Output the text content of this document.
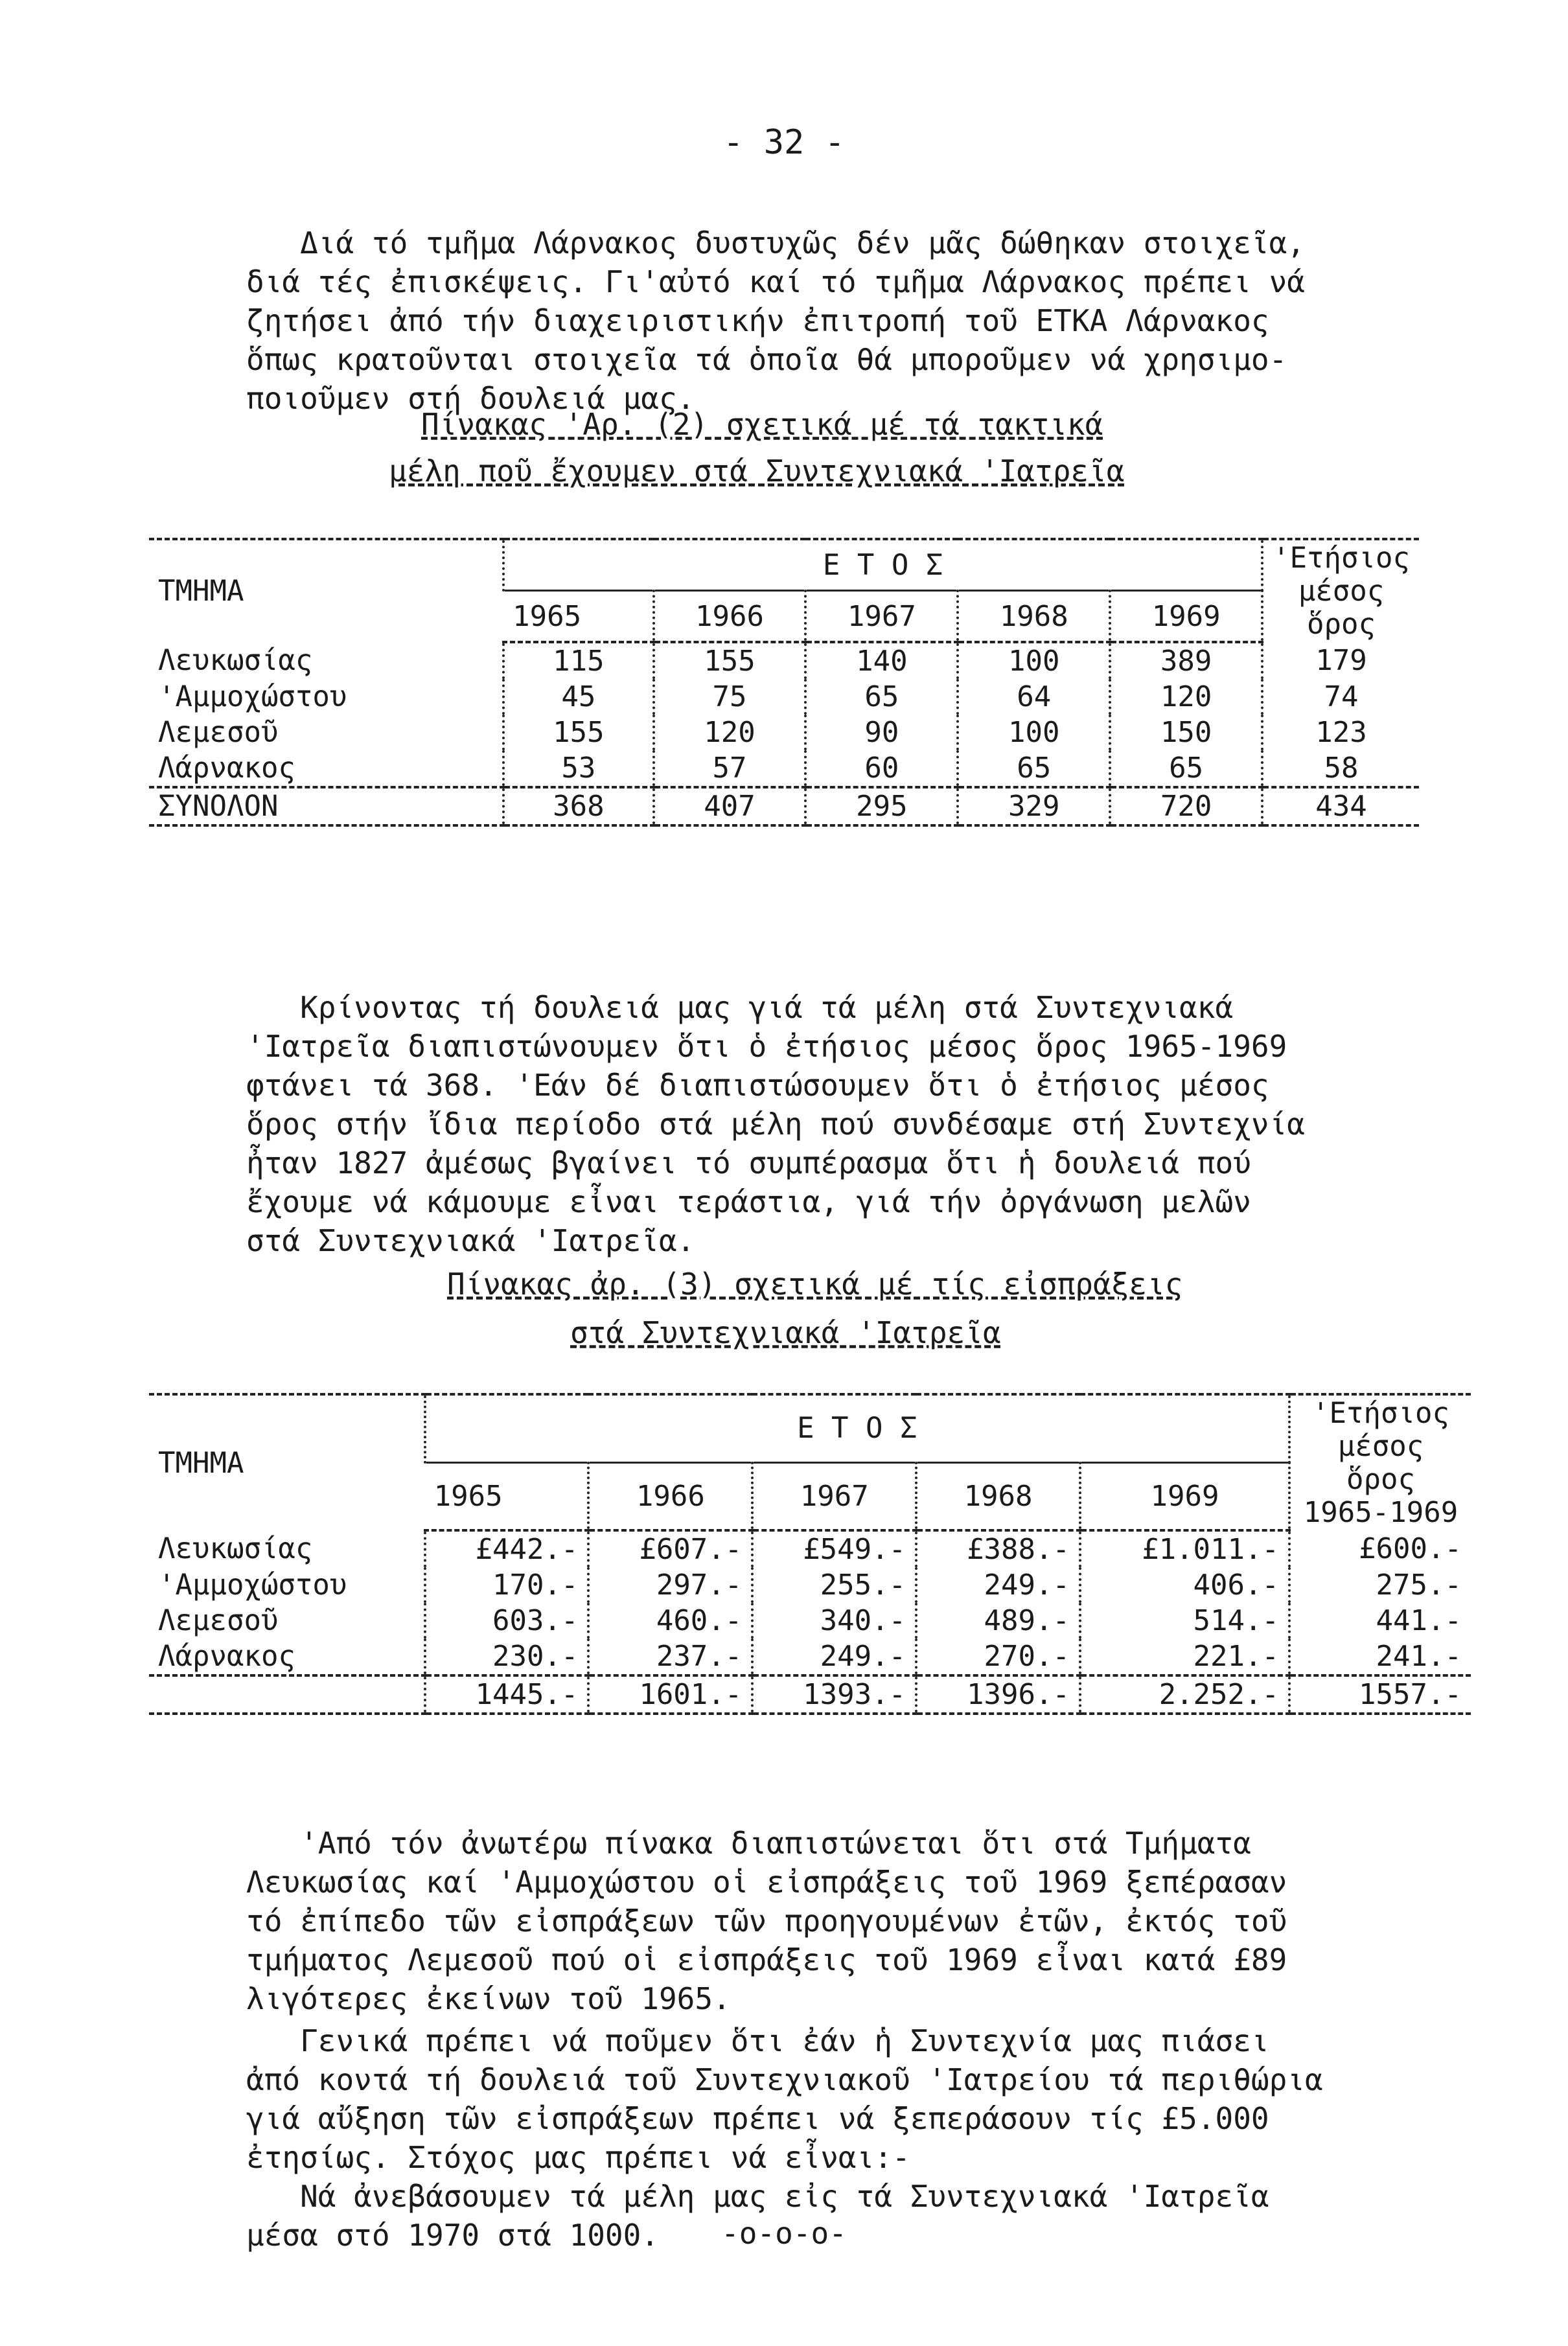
- 32 -

Διά τό τμῆμα Λάρνακος δυστυχῶς δέν μᾶς δώθηκαν στοιχεῖα,
διά τές ἐπισκέψεις. Γι'αὐτό καί τό τμῆμα Λάρνακος πρέπει νά
ζητήσει ἀπό τήν διαχειριστικήν ἐπιτροπή τοῦ ΕΤΚΑ Λάρνακος
ὅπως κρατοῦνται στοιχεῖα τά ὁποῖα θά μποροῦμεν νά χρησιμο-
ποιοῦμεν στή δουλειά μας.

Πίνακας 'Αρ. (2) σχετικά μέ τά τακτικά
μέλη ποῦ ἔχουμεν στά Συντεχνιακά 'Ιατρεῖα
ΤΜΗΜΑ	Ε Τ Ο Σ					'Ετήσιος μέσος ὅρος
	1965	1966	1967	1968	1969	
Λευκωσίας	115	155	140	100	389	179
'Αμμοχώστου	45	75	65	64	120	74
Λεμεσοῦ	155	120	90	100	150	123
Λάρνακος	53	57	60	65	65	58
ΣΥΝΟΛΟΝ	368	407	295	329	720	434

Κρίνοντας τή δουλειά μας γιά τά μέλη στά Συντεχνιακά
'Ιατρεῖα διαπιστώνουμεν ὅτι ὁ ἐτήσιος μέσος ὅρος 1965-1969
φτάνει τά 368. 'Εάν δέ διαπιστώσουμεν ὅτι ὁ ἐτήσιος μέσος
ὅρος στήν ἴδια περίοδο στά μέλη πού συνδέσαμε στή Συντεχνία
ἦταν 1827 ἀμέσως βγαίνει τό συμπέρασμα ὅτι ἡ δουλειά πού
ἔχουμε νά κάμουμε εἶναι τεράστια, γιά τήν ὀργάνωση μελῶν
στά Συντεχνιακά 'Ιατρεῖα.

Πίνακας ἀρ. (3) σχετικά μέ τίς εἰσπράξεις
στά Συντεχνιακά 'Ιατρεῖα
ΤΜΗΜΑ	Ε Τ Ο Σ					'Ετήσιος μέσος ὅρος 1965-1969
	1965	1966	1967	1968	1969	
Λευκωσίας	£442.-	£607.-	£549.-	£388.-	£1.011.-	£600.-
'Αμμοχώστου	170.-	297.-	255.-	249.-	406.-	275.-
Λεμεσοῦ	603.-	460.-	340.-	489.-	514.-	441.-
Λάρνακος	230.-	237.-	249.-	270.-	221.-	241.-
	1445.-	1601.-	1393.-	1396.-	2.252.-	1557.-

'Από τόν ἀνωτέρω πίνακα διαπιστώνεται ὅτι στά Τμήματα
Λευκωσίας καί 'Αμμοχώστου οἱ εἰσπράξεις τοῦ 1969 ξεπέρασαν
τό ἐπίπεδο τῶν εἰσπράξεων τῶν προηγουμένων ἐτῶν, ἐκτός τοῦ
τμήματος Λεμεσοῦ πού οἱ εἰσπράξεις τοῦ 1969 εἶναι κατά £89
λιγότερες ἐκείνων τοῦ 1965.

Γενικά πρέπει νά ποῦμεν ὅτι ἐάν ἡ Συντεχνία μας πιάσει
ἀπό κοντά τή δουλειά τοῦ Συντεχνιακοῦ 'Ιατρείου τά περιθώρια
γιά αὔξηση τῶν εἰσπράξεων πρέπει νά ξεπεράσουν τίς £5.000
ἐτησίως. Στόχος μας πρέπει νά εἶναι:-
Νά ἀνεβάσουμεν τά μέλη μας εἰς τά Συντεχνιακά 'Ιατρεῖα
μέσα στό 1970 στά 1000.	-o-o-o-
